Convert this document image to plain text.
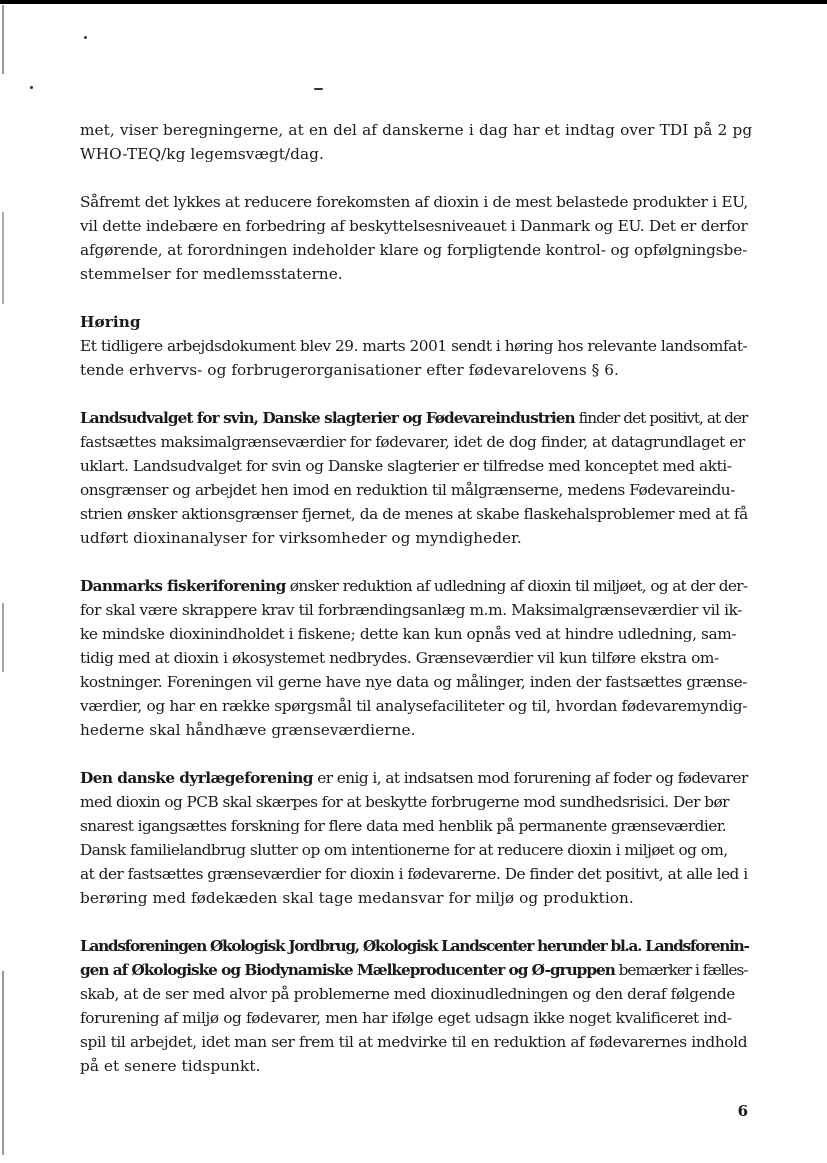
met, viser beregningerne, at en del af danskerne i dag har et indtag over TDI på 2 pg
WHO-TEQ/kg legemsvægt/dag.

Såfremt det lykkes at reducere forekomsten af dioxin i de mest belastede produkter i EU,
vil dette indebære en forbedring af beskyttelsesniveauet i Danmark og EU. Det er derfor
afgørende, at forordningen indeholder klare og forpligtende kontrol- og opfølgningsbe-
stemmelser for medlemsstaterne.

Høring
Et tidligere arbejdsdokument blev 29. marts 2001 sendt i høring hos relevante landsomfat-
tende erhvervs- og forbrugerorganisationer efter fødevarelovens § 6.

Landsudvalget for svin, Danske slagterier og Fødevareindustrien finder det positivt, at der
fastsættes maksimalgrænseværdier for fødevarer, idet de dog finder, at datagrundlaget er
uklart. Landsudvalget for svin og Danske slagterier er tilfredse med konceptet med akti-
onsgrænser og arbejdet hen imod en reduktion til målgrænserne, medens Fødevareindu-
strien ønsker aktionsgrænser fjernet, da de menes at skabe flaskehalsproblemer med at få
udført dioxinanalyser for virksomheder og myndigheder.

Danmarks fiskeriforening ønsker reduktion af udledning af dioxin til miljøet, og at der der-
for skal være skrappere krav til forbrændingsanlæg m.m. Maksimalgrænseværdier vil ik-
ke mindske dioxinindholdet i fiskene; dette kan kun opnås ved at hindre udledning, sam-
tidig med at dioxin i økosystemet nedbrydes. Grænseværdier vil kun tilføre ekstra om-
kostninger. Foreningen vil gerne have nye data og målinger, inden der fastsættes grænse-
værdier, og har en række spørgsmål til analysefaciliteter og til, hvordan fødevaremyndig-
hederne skal håndhæve grænseværdierne.

Den danske dyrlægeforening er enig i, at indsatsen mod forurening af foder og fødevarer
med dioxin og PCB skal skærpes for at beskytte forbrugerne mod sundhedsrisici. Der bør
snarest igangsættes forskning for flere data med henblik på permanente grænseværdier.
Dansk familielandbrug slutter op om intentionerne for at reducere dioxin i miljøet og om,
at der fastsættes grænseværdier for dioxin i fødevarerne. De finder det positivt, at alle led i
berøring med fødekæden skal tage medansvar for miljø og produktion.

Landsforeningen Økologisk Jordbrug, Økologisk Landscenter herunder bl.a. Landsforenin-
gen af Økologiske og Biodynamiske Mælkeproducenter og Ø-gruppen bemærker i fælles-
skab, at de ser med alvor på problemerne med dioxinudledningen og den deraf følgende
forurening af miljø og fødevarer, men har ifølge eget udsagn ikke noget kvalificeret ind-
spil til arbejdet, idet man ser frem til at medvirke til en reduktion af fødevarernes indhold
på et senere tidspunkt.

6
